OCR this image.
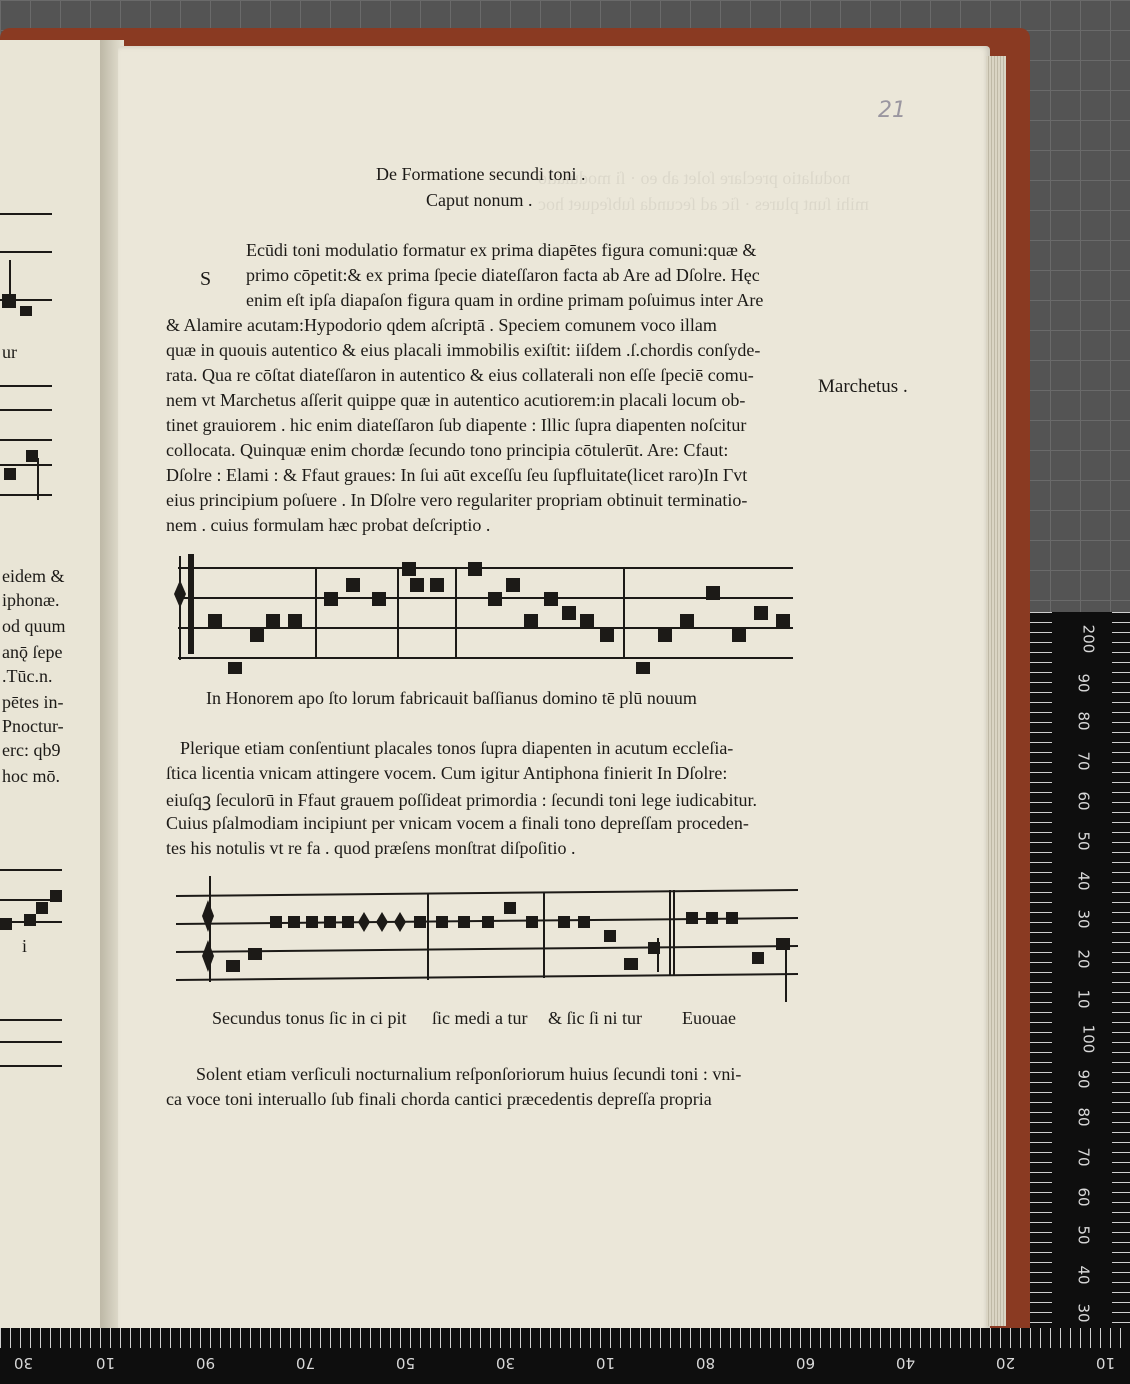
ur
eidem &
iphonæ.
od quum
anǭ ſepe
.Tūc.n.
pētes in-
Pnoctur-
erc: qb9
hoc mō.
i
21
nodulatio preclare ſolet ab eo · ſi modulatio
mihi ſunt plures · ſic ad ſecunda ſubſequet hoc
De Formatione secundi toni .
Caput nonum .
S
Ecūdi toni modulatio formatur ex prima diapētes figura comuni:quæ &
primo cōpetit:& ex prima ſpecie diateſſaron facta ab Are ad Dſolre. Hęc
enim eſt ipſa diapaſon figura quam in ordine primam poſuimus inter Are
& Alamire acutam:Hypodorio qdem aſcriptā . Speciem comunem voco illam
quæ in quouis autentico & eius placali immobilis exiſtit: iiſdem .ſ.chordis conſyde-
rata. Qua re cōſtat diateſſaron in autentico & eius collaterali non eſſe ſpeciē comu-
nem vt Marchetus aſſerit quippe quæ in autentico acutiorem:in placali locum ob-
tinet grauiorem . hic enim diateſſaron ſub diapente : Illic ſupra diapenten noſcitur
collocata. Quinquæ enim chordæ ſecundo tono principia cōtulerūt. Are: Cfaut:
Dſolre : Elami : & Ffaut graues: In ſui aūt exceſſu ſeu ſupfluitate(licet raro)In Γvt
eius principium poſuere . In Dſolre vero regulariter propriam obtinuit terminatio-
nem . cuius formulam hæc probat deſcriptio .
Marchetus .
In Honorem apo ſto lorum fabricauit baſſianus domino tē plū nouum
Plerique etiam conſentiunt placales tonos ſupra diapenten in acutum eccleſia-
ſtica licentia vnicam attingere vocem. Cum igitur Antiphona finierit In Dſolre:
eiuſqꝫ ſeculorū in Ffaut grauem poſſideat primordia : ſecundi toni lege iudicabitur.
Cuius pſalmodiam incipiunt per vnicam vocem a finali tono depreſſam proceden-
tes his notulis vt re fa . quod præſens monſtrat diſpoſitio .
Secundus tonus ſic in ci pit ſic medi a tur & ſic ſi ni tur Euouae
Solent etiam verſiculi nocturnalium reſponſoriorum huius ſecundi toni : vni-
ca voce toni interuallo ſub finali chorda cantici præcedentis depreſſa propria
200
90
80
70
60
50
40
30
20
10
100
90
80
70
60
50
40
30
30	10	90	70	50	30	10	80	60	40	20	10
